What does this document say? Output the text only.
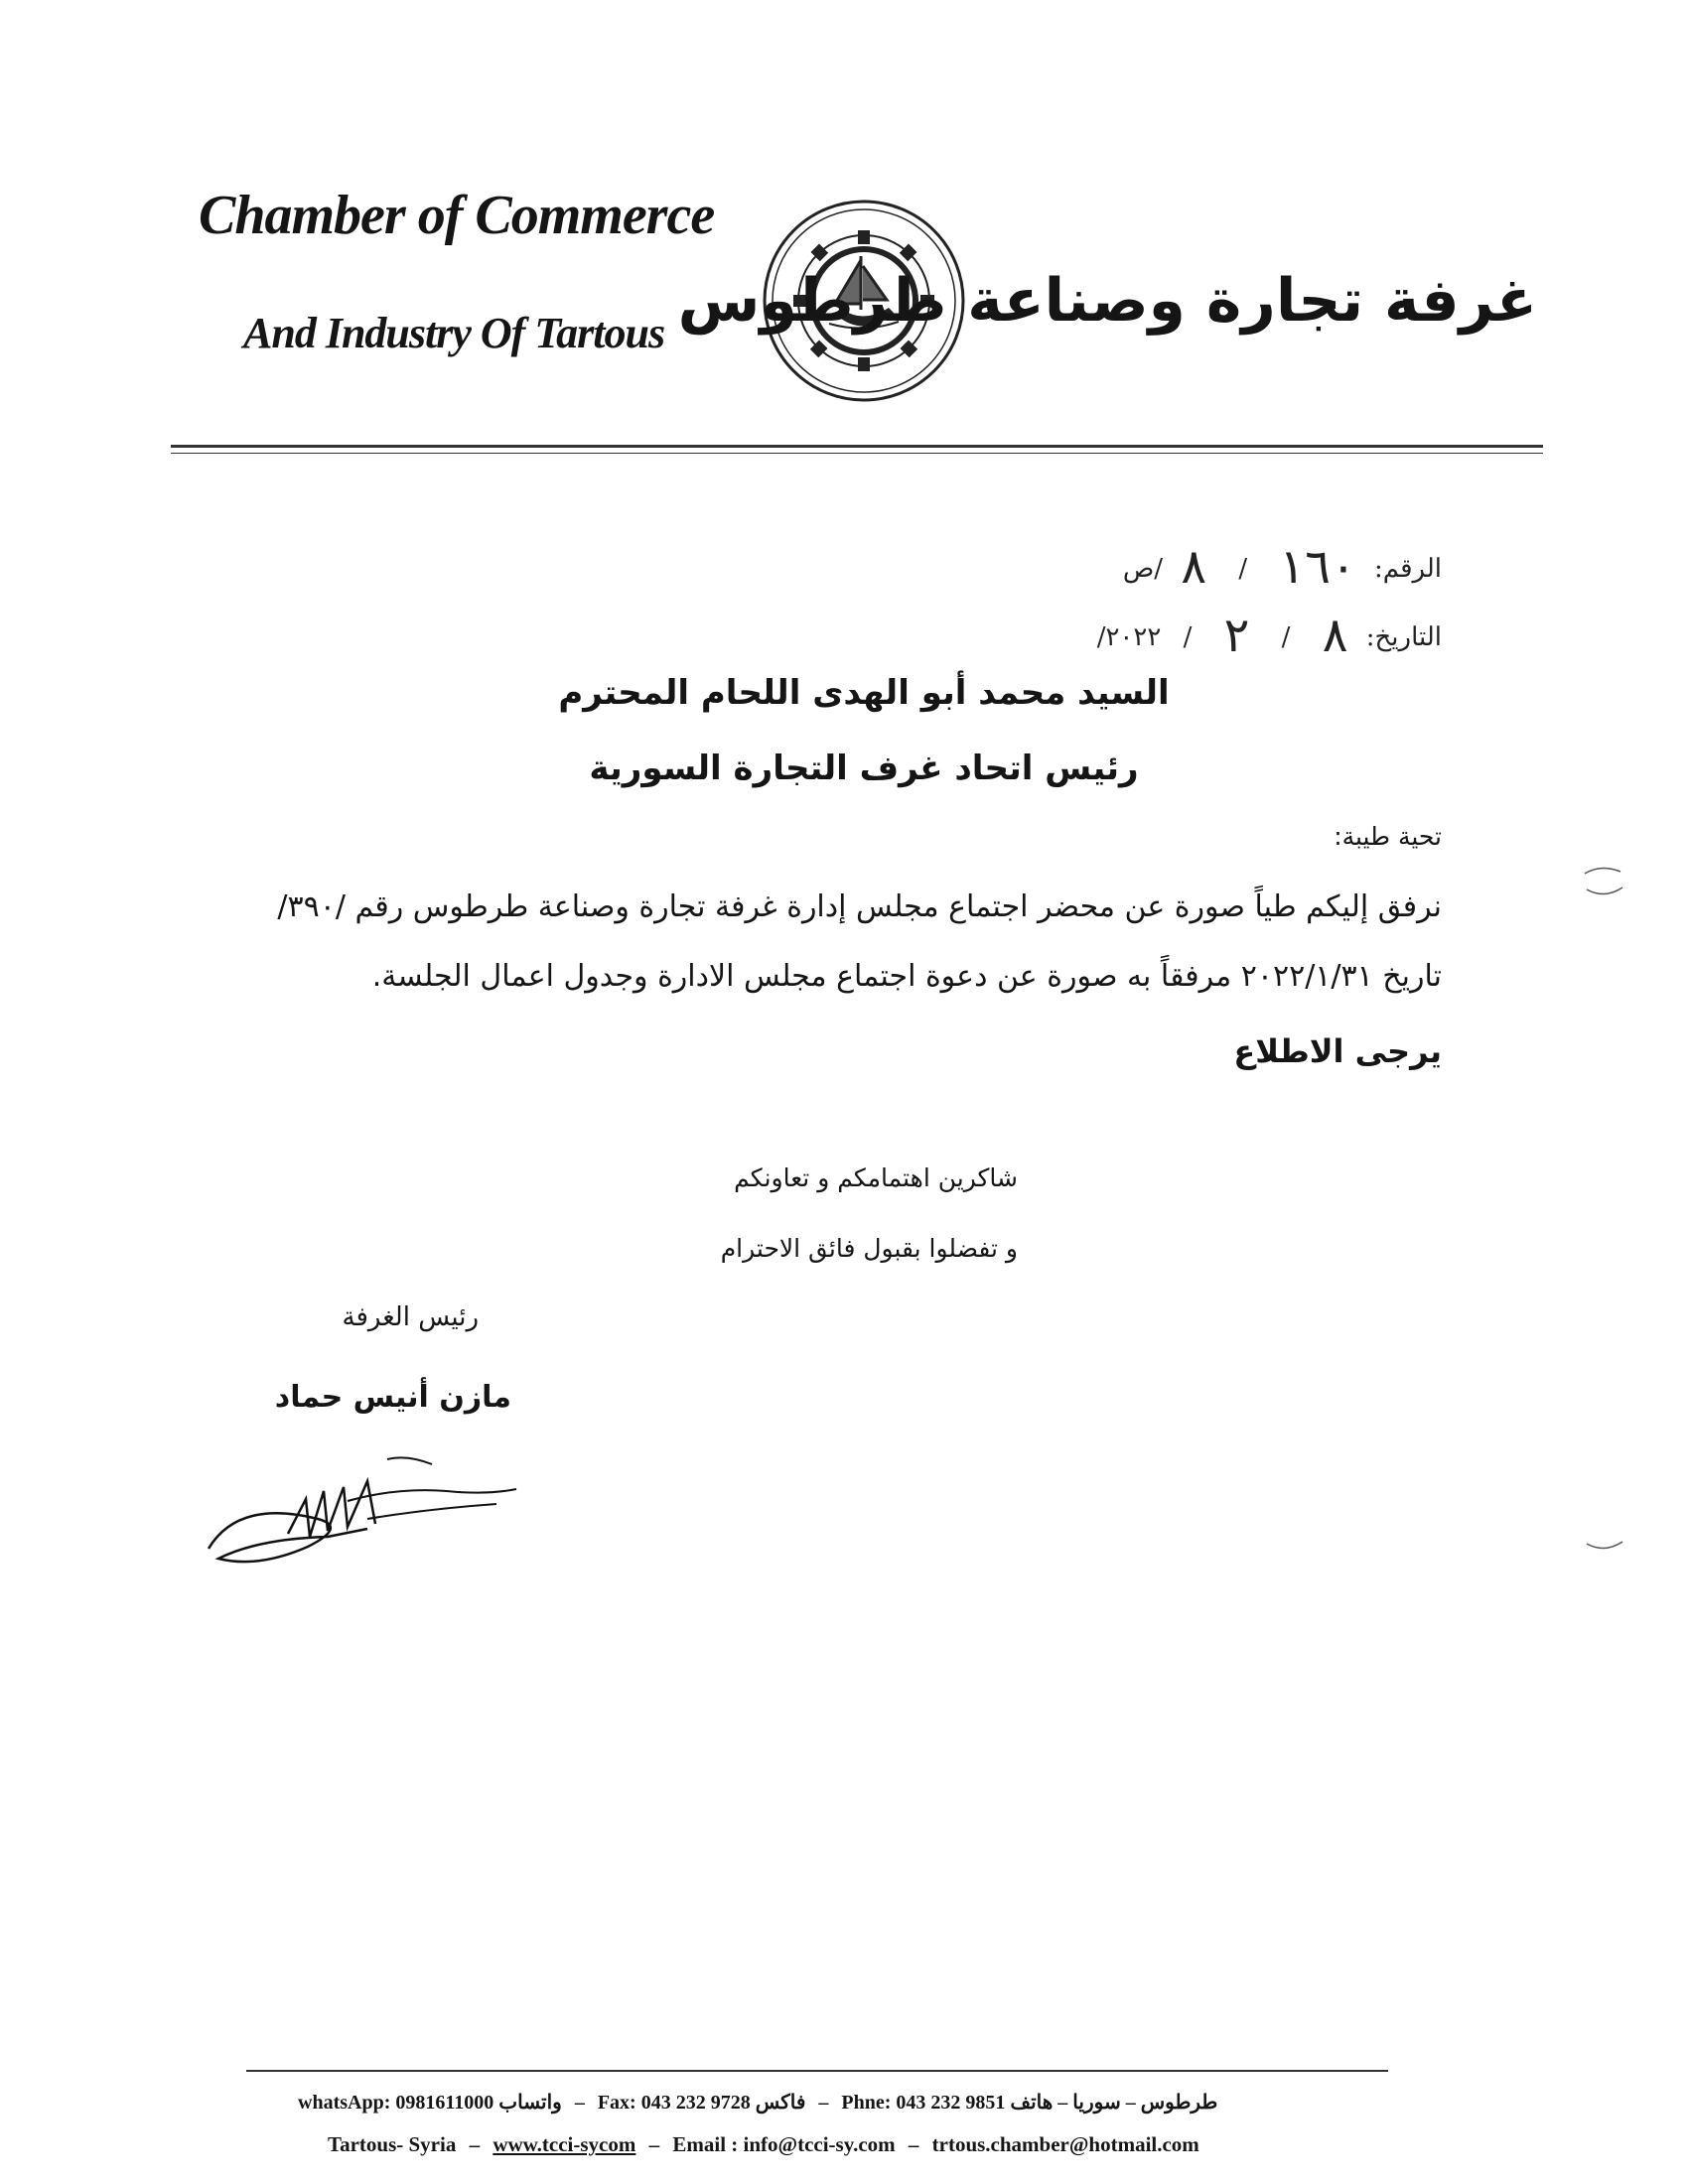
Chamber of Commerce
And Industry Of Tartous غرفة تجارة وصناعة طرطوس
الرقم: ١٦٠ / ٨ /ص
التاريخ: ٨ / ٢ / ٢٠٢٢/
السيد محمد أبو الهدى اللحام المحترم
رئيس اتحاد غرف التجارة السورية
تحية طيبة:
نرفق إليكم طياً صورة عن محضر اجتماع مجلس إدارة غرفة تجارة وصناعة طرطوس رقم /٣٩٠/
تاريخ ٢٠٢٢/١/٣١ مرفقاً به صورة عن دعوة اجتماع مجلس الادارة وجدول اعمال الجلسة.
يرجى الاطلاع
شاكرين اهتمامكم و تعاونكم
و تفضلوا بقبول فائق الاحترام
رئيس الغرفة
مازن أنيس حماد
whatsApp: 0981611000 واتساب – Fax: 043 232 9728 فاكس – Phne: 043 232 9851 طرطوس – سوريا – هاتف
Tartous- Syria – www.tcci-sycom – Email : info@tcci-sy.com – trtous.chamber@hotmail.com
